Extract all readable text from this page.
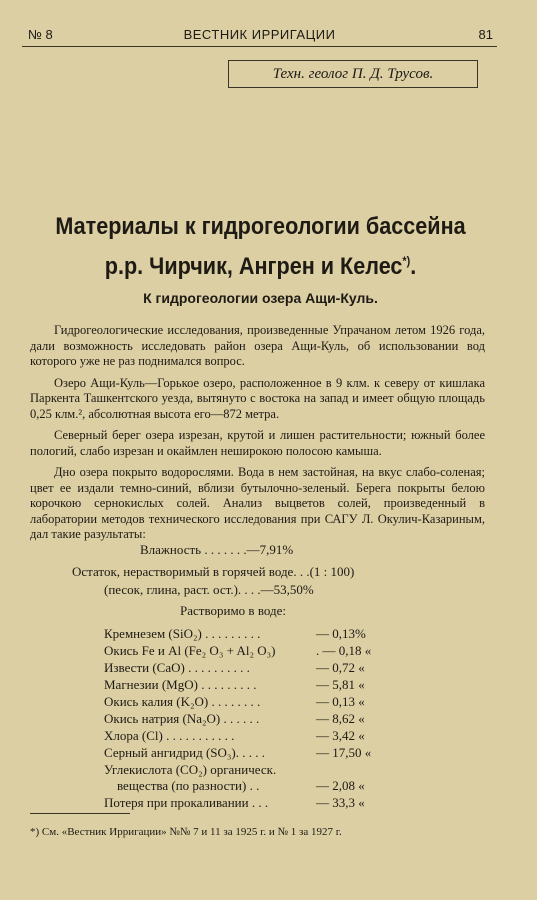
№ 8	ВЕСТНИК ИРРИГАЦИИ	81
Техн. геолог П. Д. Трусов.
Материалы к гидрогеологии бассейна
р.р. Чирчик, Ангрен и Келес*).
К гидрогеологии озера Ащи-Куль.

Гидрогеологические исследования, произведенные Упрачаном летом 1926 года, дали возможность исследовать район озера Ащи-Куль, об использовании вод которого уже не раз поднимался вопрос.

Озеро Ащи-Куль—Горькое озеро, расположенное в 9 клм. к северу от кишлака Паркента Ташкентского уезда, вытянуто с востока на запад и имеет общую площадь 0,25 клм.², абсолютная высота его—872 метра.

Северный берег озера изрезан, крутой и лишен растительности; южный более пологий, слабо изрезан и окаймлен неширокою полосою камыша.

Дно озера покрыто водорослями. Вода в нем застойная, на вкус слабо-соленая; цвет ее издали темно-синий, вблизи бутылочно-зеленый. Берега покрыты белою корочкою сернокислых солей. Анализ выцветов солей, произведенный в лаборатории методов технического исследования при САГУ Л. Окулич-Казариным, дал такие разультаты:

Влажность . . . . . . .—7,91%
Остаток, нерастворимый в горячей воде. . .(1 : 100)
(песок, глина, раст. ост.). . . .—53,50%
Растворимо в воде:
Кремнезем (SiO₂) . . . . . . . . .	— 0,13%
Окись Fe и Al (Fe₂ O₃ + Al₂ O₃)	. — 0,18 «
Извести (CaO) . . . . . . . . . .	— 0,72 «
Магнезии (MgO) . . . . . . . . .	— 5,81 «
Окись калия (K₂O) . . . . . . . .	— 0,13 «
Окись натрия (Na₂O) . . . . . .	— 8,62 «
Хлора (Cl) . . . . . . . . . . .	— 3,42 «
Серный ангидрид (SO₃). . . . .	— 17,50 «
Углекислота (CO₂) органическ.
вещества (по разности) . .	— 2,08 «
Потеря при прокаливании . . .	— 33,3 «
*) См. «Вестник Ирригации» №№ 7 и 11 за 1925 г. и № 1 за 1927 г.
